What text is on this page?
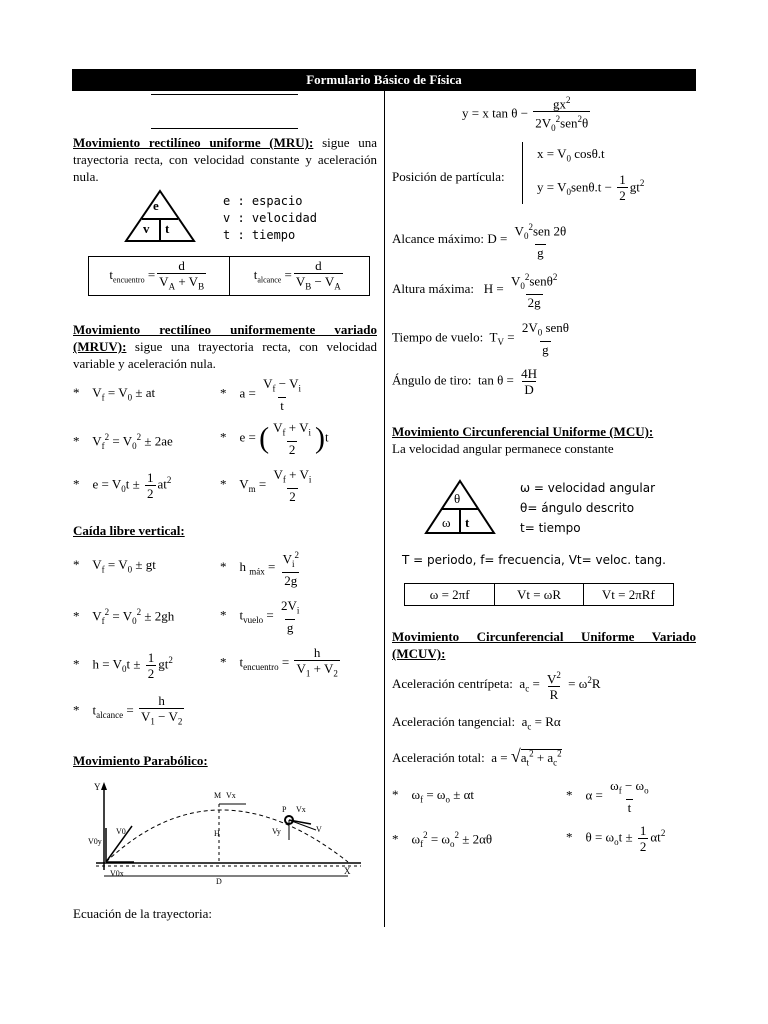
Formulario Básico de Física
Movimiento rectilíneo uniforme (MRU): sigue una trayectoria recta, con velocidad constante y aceleración nula.
e
v t
e : espacio
v : velocidad
t : tiempo
$t_{encuentro} = \frac{d}{V_A + V_B}$	$t_{alcance} = \frac{d}{V_B - V_A}$
Movimiento rectilíneo uniformemente variado (MRUV): sigue una trayectoria recta, con velocidad variable y aceleración nula.
*    $V_f = V_0$ ± at	*    $a = \frac{V_f - V_i}{t}$
*    $V_f^2 = V_0^2 \pm 2ae$	*    e = ( $\frac{V_f + V_i}{2} )t$
*    $e = V_0t \pm \frac{1}{2} at^2$	*    $V_m = \frac{V_f + V_i}{2}$
Caída libre vertical:
*    $V_f = V_0$ ± gt	*    h $_{máx} = \frac{V_i^2}{2g}$
*    $V_f^2 = V_0^2 \pm 2gh$	*    $t_{vuelo} = \frac{2V_i}{g}$
*    $h = V_0t \pm \frac{1}{2} gt^2$	*    $t_{encuentro} = \frac{h}{V_1 + V_2}$
*    $t_{alcance} = \frac{h}{V_1 - V_2}$
Movimiento Parabólico:
Y
V0
V0y
V0x
M Vx
H
D
P Vx
Vy	V
X
Ecuación de la trayectoria:
y = x $\tan \theta - \frac{gx^2}{2V_0^2sen^2\theta}$
Posición de partícula:
$x = V_0$ cosθ.t
$y = V_0sen\theta.t - \frac{1}{2} gt^2$
Alcance máximo: $D = \frac{V_0^2sen 2\theta}{g}$
Altura máxima:   $H = \frac{V_0^2sen\theta^2}{2g}$
Tiempo de vuelo:  $T_V = \frac{2V_0 sen\theta}{g}$
Ángulo de tiro:  $\tan \theta = \frac{4H}{D}$
Movimiento Circunferencial Uniforme (MCU):
La velocidad angular permanece constante
θ
ω t
ω = velocidad angular
θ= ángulo descrito
t= tiempo
T = periodo, f= frecuencia, Vt= veloc. tang.
ω = 2πf	Vt = ωR	Vt = 2πRf
Movimiento Circunferencial Uniforme Variado (MCUV):
Aceleración centrípeta:  $a_c = \frac{V^2}{R} = \omega^2R$
Aceleración tangencial:  $a_c = R\alpha$
Aceleración total:  $a = √a_t^2 + a_c^2$
*    $\omega_f = \omega_o \pm \alpha t$	*    $\alpha = \frac{\omega_f - \omega_o}{t}$
*    $\omega_f^2 = \omega_o^2 \pm 2\alpha\theta$	*    $\theta = \omega_ot \pm \frac{1}{2} \alpha t^2$
